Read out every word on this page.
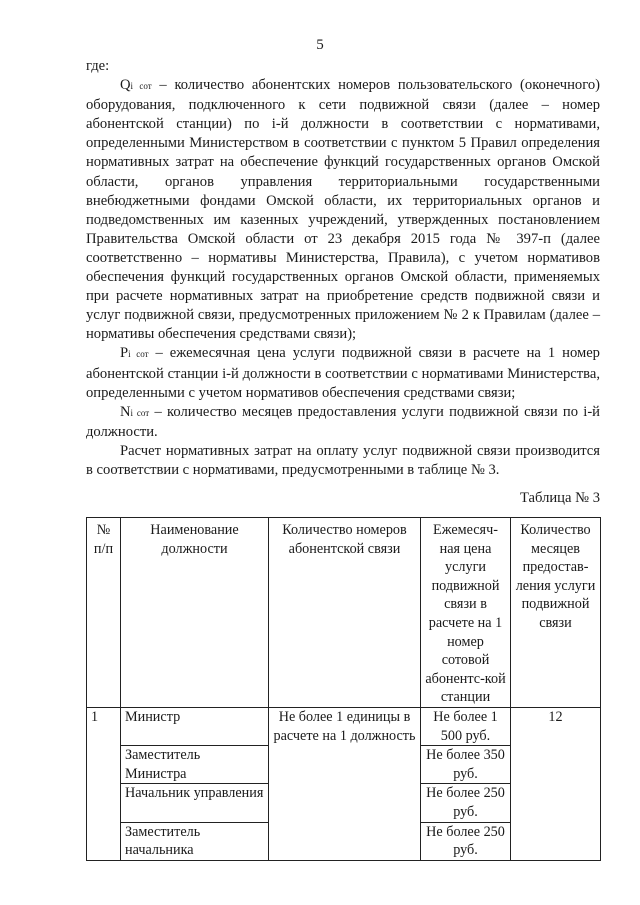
5

где:

Qi сот – количество абонентских номеров пользовательского (оконечного) оборудования, подключенного к сети подвижной связи (далее – номер абонентской станции) по i-й должности в соответствии с нормативами, определенными Министерством в соответствии с пунктом 5 Правил определения нормативных затрат на обеспечение функций государственных органов Омской области, органов управления территориальными государственными внебюджетными фондами Омской области, их территориальных органов и подведомственных им казенных учреждений, утвержденных постановлением Правительства Омской области от 23 декабря 2015 года № 397-п (далее соответственно – нормативы Министерства, Правила), с учетом нормативов обеспечения функций государственных органов Омской области, применяемых при расчете нормативных затрат на приобретение средств подвижной связи и услуг подвижной связи, предусмотренных приложением № 2 к Правилам (далее – нормативы обеспечения средствами связи);

Pi сот – ежемесячная цена услуги подвижной связи в расчете на 1 номер абонентской станции i-й должности в соответствии с нормативами Министерства, определенными с учетом нормативов обеспечения средствами связи;

Ni сот – количество месяцев предоставления услуги подвижной связи по i-й должности.

Расчет нормативных затрат на оплату услуг подвижной связи производится в соответствии с нормативами, предусмотренными в таблице № 3.

Таблица № 3
№ п/п	Наименование должности	Количество номеров абонентской связи	Ежемесяч-ная цена услуги подвижной связи в расчете на 1 номер сотовой абонентс-кой станции	Количество месяцев предостав-ления услуги подвижной связи
1	Министр	Не более 1 единицы в расчете на 1 должность	Не более 1 500 руб.	12
	Заместитель Министра		Не более 350 руб.	
	Начальник управления		Не более 250 руб.	
	Заместитель начальника		Не более 250 руб.	
